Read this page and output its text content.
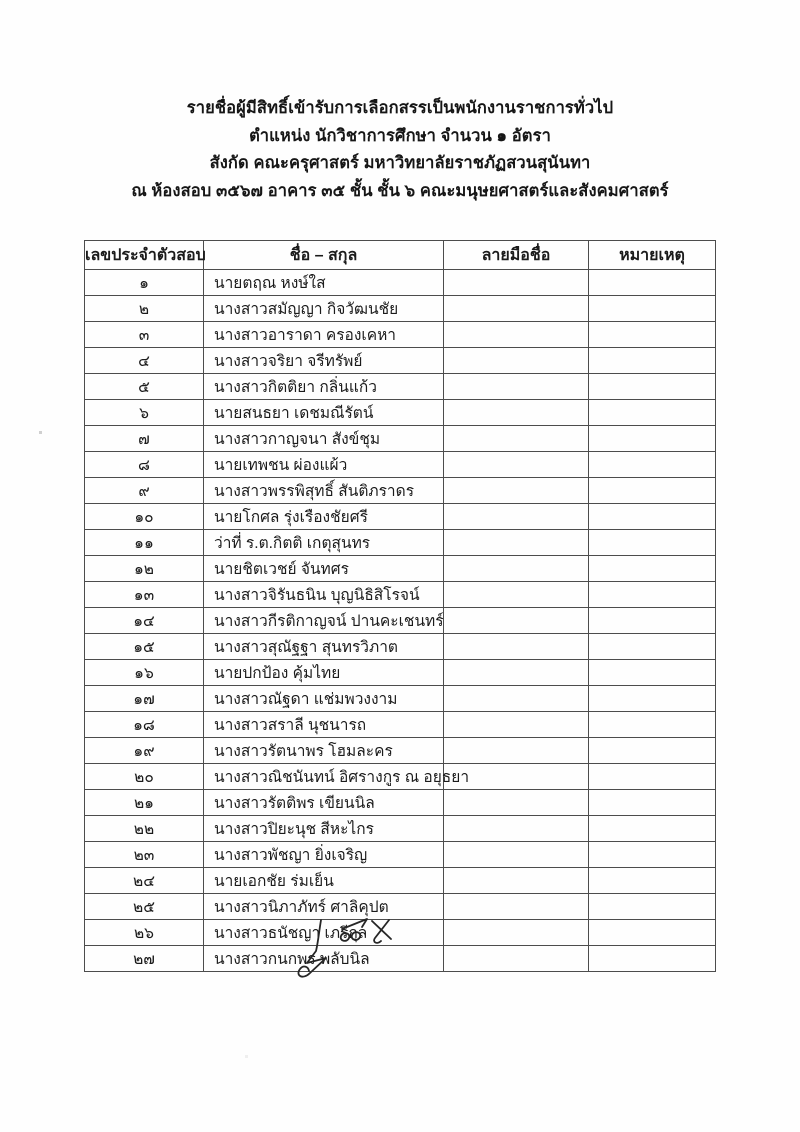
รายชื่อผู้มีสิทธิ์เข้ารับการเลือกสรรเป็นพนักงานราชการทั่วไป
ตำแหน่ง นักวิชาการศึกษา จำนวน ๑ อัตรา
สังกัด คณะครุศาสตร์ มหาวิทยาลัยราชภัฏสวนสุนันทา
ณ ห้องสอบ ๓๕๖๗ อาคาร ๓๕ ชั้น ชั้น ๖ คณะมนุษยศาสตร์และสังคมศาสตร์
เลขประจำตัวสอบ	ชื่อ – สกุล	ลายมือชื่อ	หมายเหตุ
๑	นายตฤณ หงษ์ใส		
๒	นางสาวสมัญญา กิจวัฒนชัย		
๓	นางสาวอาราดา ครองเคหา		
๔	นางสาวจริยา จรีทรัพย์		
๕	นางสาวกิตติยา กลิ่นแก้ว		
๖	นายสนธยา เดชมณีรัตน์		
๗	นางสาวกาญจนา สังข์ชุม		
๘	นายเทพชน ผ่องแผ้ว		
๙	นางสาวพรรพิสุทธิ์ สันติภราดร		
๑๐	นายโกศล รุ่งเรืองชัยศรี		
๑๑	ว่าที่ ร.ต.กิตติ เกตุสุนทร		
๑๒	นายชิตเวชย์ จันทศร		
๑๓	นางสาวจิรันธนิน บุญนิธิสิโรจน์		
๑๔	นางสาวกีรติกาญจน์ ปานคะเชนทร์		
๑๕	นางสาวสุณัฐฐา สุนทรวิภาต		
๑๖	นายปกป้อง คุ้มไทย		
๑๗	นางสาวณัฐดา แช่มพวงงาม		
๑๘	นางสาวสราลี นุชนารถ		
๑๙	นางสาวรัตนาพร โฮมละคร		
๒๐	นางสาวณิชนันทน์ อิศรางกูร ณ อยุธยา		
๒๑	นางสาวรัตติพร เขียนนิล		
๒๒	นางสาวปิยะนุช สีหะไกร		
๒๓	นางสาวพัชญา ยิ่งเจริญ		
๒๔	นายเอกชัย ร่มเย็น		
๒๕	นางสาวนิภาภัทร์ ศาลิคุปต		
๒๖	นางสาวธนัชญา เภรีกุล		
๒๗	นางสาวกนกพร พลับนิล		
